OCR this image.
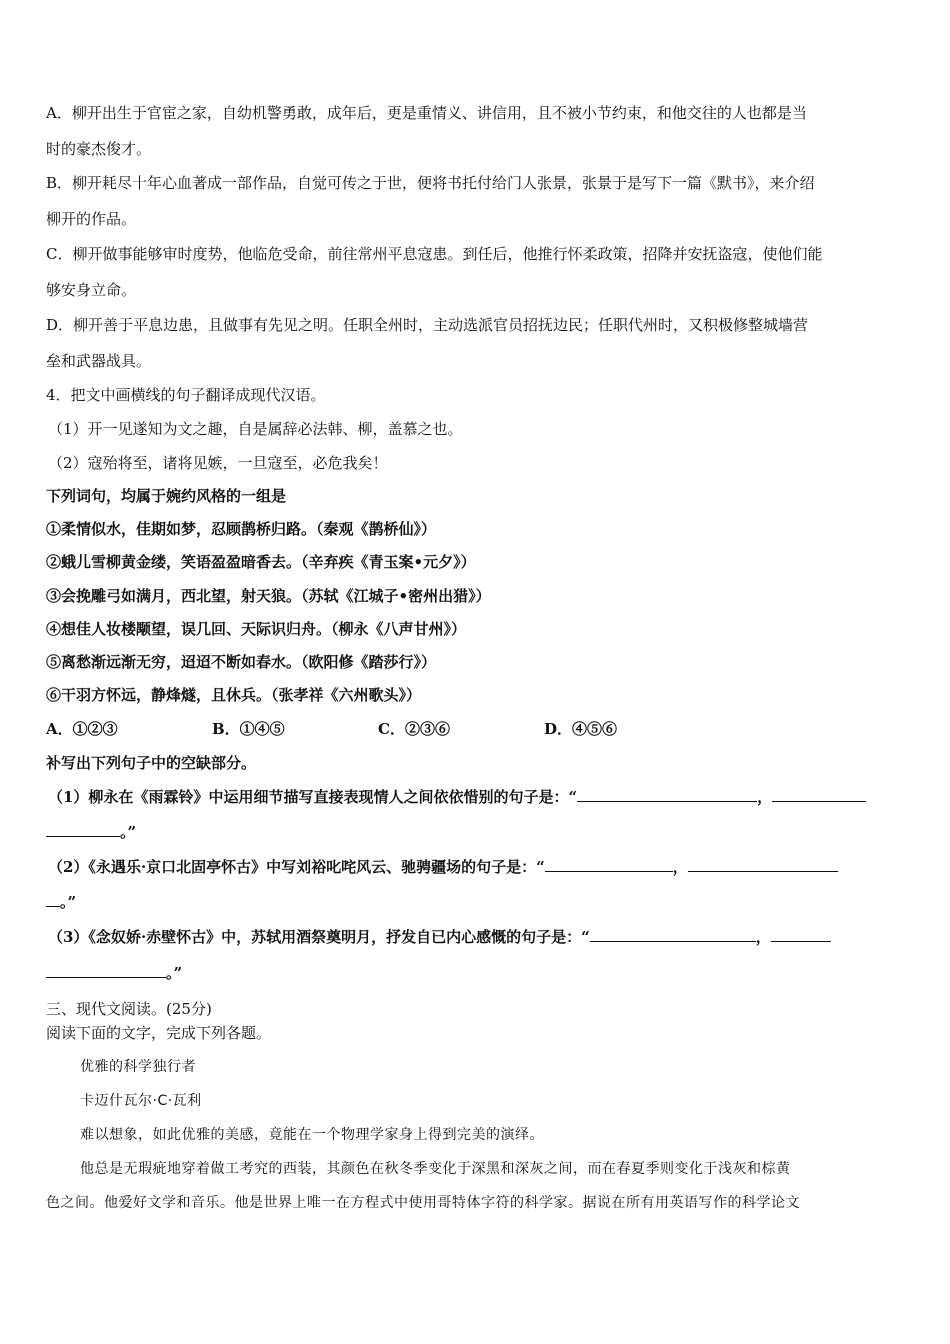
A．柳开出生于官宦之家，自幼机警勇敢，成年后，更是重情义、讲信用，且不被小节约束，和他交往的人也都是当
时的豪杰俊才。
B．柳开耗尽十年心血著成一部作品，自觉可传之于世，便将书托付给门人张景，张景于是写下一篇《默书》，来介绍
柳开的作品。
C．柳开做事能够审时度势，他临危受命，前往常州平息寇患。到任后，他推行怀柔政策，招降并安抚盗寇，使他们能
够安身立命。
D．柳开善于平息边患，且做事有先见之明。任职全州时，主动选派官员招抚边民；任职代州时，又积极修整城墙营
垒和武器战具。
4．把文中画横线的句子翻译成现代汉语。
（1）开一见遂知为文之趣，自是属辞必法韩、柳，盖慕之也。
（2）寇殆将至，诸将见嫉，一旦寇至，必危我矣！
下列词句，均属于婉约风格的一组是
①柔情似水，佳期如梦，忍顾鹊桥归路。（秦观《鹊桥仙》）
②蛾儿雪柳黄金缕，笑语盈盈暗香去。（辛弃疾《青玉案•元夕》）
③会挽雕弓如满月，西北望，射天狼。（苏轼《江城子•密州出猎》）
④想佳人妆楼颙望，误几回、天际识归舟。（柳永《八声甘州》）
⑤离愁渐远渐无穷，迢迢不断如春水。（欧阳修《踏莎行》）
⑥干羽方怀远，静烽燧，且休兵。（张孝祥《六州歌头》）
A．①②③	B．①④⑤	C．②③⑥	D．④⑤⑥
补写出下列句子中的空缺部分。
（1）柳永在《雨霖铃》中运用细节描写直接表现情人之间依依惜别的句子是：“	，
。”
（2）《永遇乐·京口北固亭怀古》中写刘裕叱咤风云、驰骋疆场的句子是：“	，
。”
（3）《念奴娇·赤壁怀古》中，苏轼用酒祭奠明月，抒发自已内心感慨的句子是：“	，
。”
三、现代文阅读。(25分)
阅读下面的文字，完成下列各题。
优雅的科学独行者
卡迈什瓦尔·C·瓦利
难以想象，如此优雅的美感，竟能在一个物理学家身上得到完美的演绎。
他总是无瑕疵地穿着做工考究的西装，其颜色在秋冬季变化于深黑和深灰之间，而在春夏季则变化于浅灰和棕黄
色之间。他爱好文学和音乐。他是世界上唯一在方程式中使用哥特体字符的科学家。据说在所有用英语写作的科学论文
